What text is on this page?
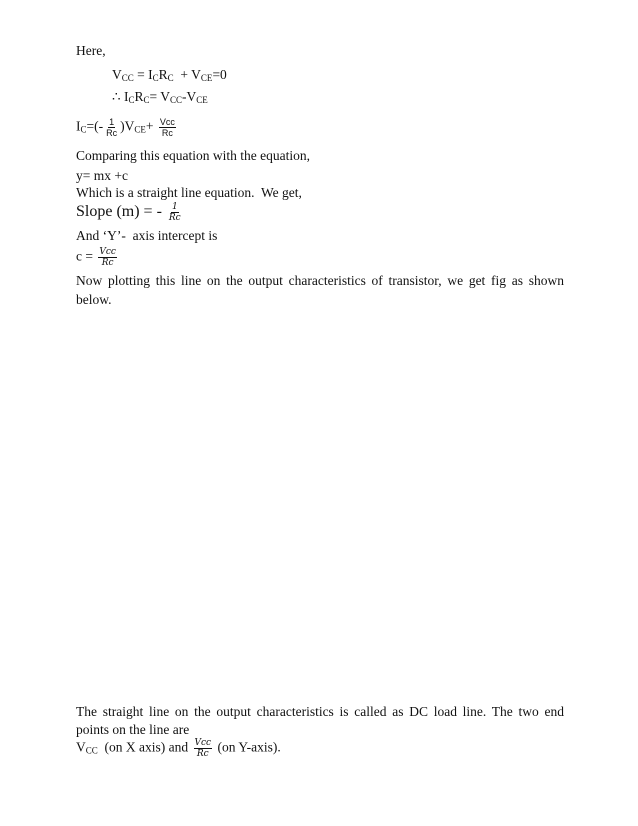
Here,
$V_{CC} = I_CR_C + V_{CE}=0$
∴ $I_CR_C= V_{CC}-V_{CE}$
$I_C=(- \frac{1}{Rc} )V_{CE}+ \frac{\text{Vcc}}{Rc}$
Comparing this equation with the equation,
y= mx +c
Which is a straight line equation.  We get,
Slope (m) = - $\frac{1}{Rc}$
And ‘Y’-  axis intercept is
$c = \frac{\text{Vcc}}{Rc}$
Now plotting this line on the output characteristics of transistor, we get fig as shown
below.
The straight line on the output characteristics is called as DC load line. The two end
points on the line are
$V_{CC}$  (on X axis) and $\frac{\text{Vcc}}{Rc} (on$ Y-axis).
